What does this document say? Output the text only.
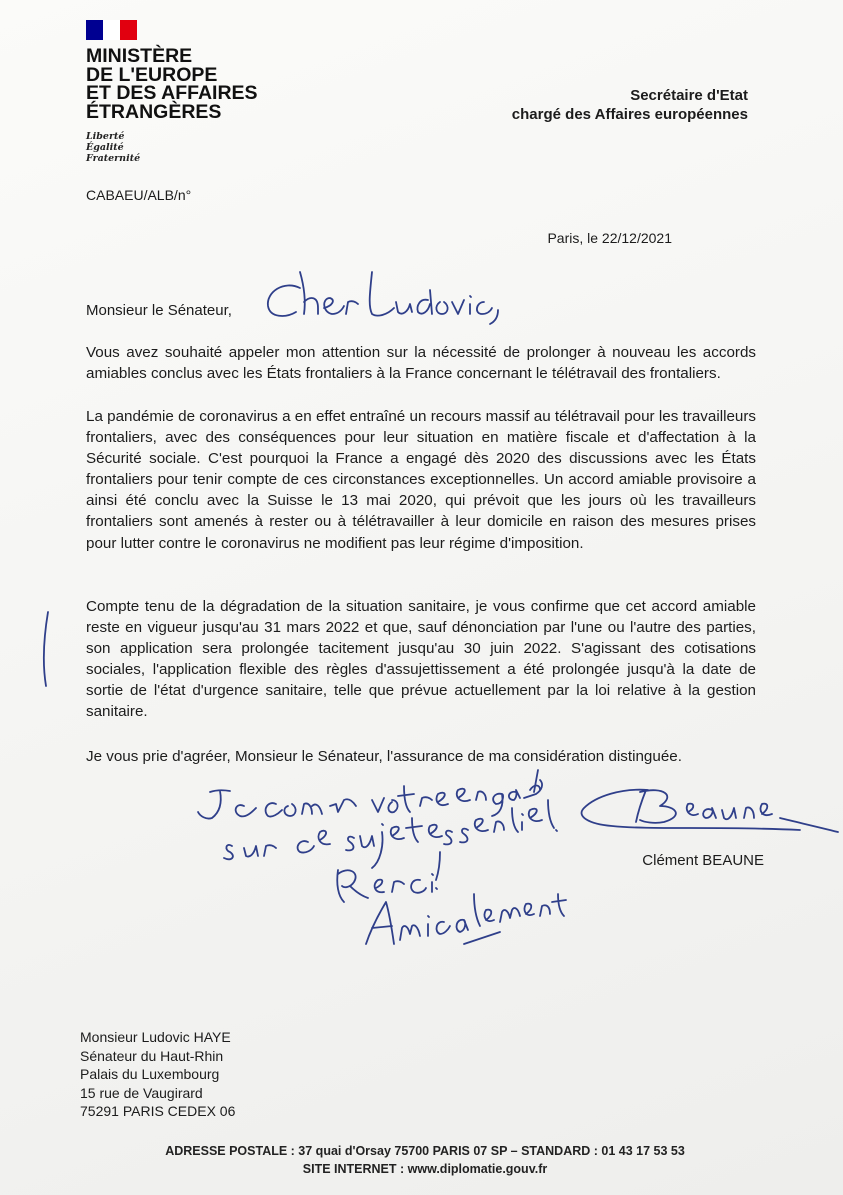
MINISTÈRE
DE L'EUROPE
ET DES AFFAIRES
ÉTRANGÈRES
Liberté
Égalité
Fraternité
CABAEU/ALB/n°
Secrétaire d'Etat
chargé des Affaires européennes
Paris, le 22/12/2021
Monsieur le Sénateur,

Vous avez souhaité appeler mon attention sur la nécessité de prolonger à nouveau les accords amiables conclus avec les États frontaliers à la France concernant le télétravail des frontaliers.

La pandémie de coronavirus a en effet entraîné un recours massif au télétravail pour les travailleurs frontaliers, avec des conséquences pour leur situation en matière fiscale et d'affectation à la Sécurité sociale. C'est pourquoi la France a engagé dès 2020 des discussions avec les États frontaliers pour tenir compte de ces circonstances exceptionnelles. Un accord amiable provisoire a ainsi été conclu avec la Suisse le 13 mai 2020, qui prévoit que les jours où les travailleurs frontaliers sont amenés à rester ou à télétravailler à leur domicile en raison des mesures prises pour lutter contre le coronavirus ne modifient pas leur régime d'imposition.

Compte tenu de la dégradation de la situation sanitaire, je vous confirme que cet accord amiable reste en vigueur jusqu'au 31 mars 2022 et que, sauf dénonciation par l'une ou l'autre des parties, son application sera prolongée tacitement jusqu'au 30 juin 2022. S'agissant des cotisations sociales, l'application flexible des règles d'assujettissement a été prolongée jusqu'à la date de sortie de l'état d'urgence sanitaire, telle que prévue actuellement par la loi relative à la gestion sanitaire.

Je vous prie d'agréer, Monsieur le Sénateur, l'assurance de ma considération distinguée.

Clément BEAUNE
Monsieur Ludovic HAYE
Sénateur du Haut-Rhin
Palais du Luxembourg
15 rue de Vaugirard
75291 PARIS CEDEX 06
ADRESSE POSTALE : 37 quai d'Orsay 75700 PARIS 07 SP – STANDARD : 01 43 17 53 53
SITE INTERNET : www.diplomatie.gouv.fr
